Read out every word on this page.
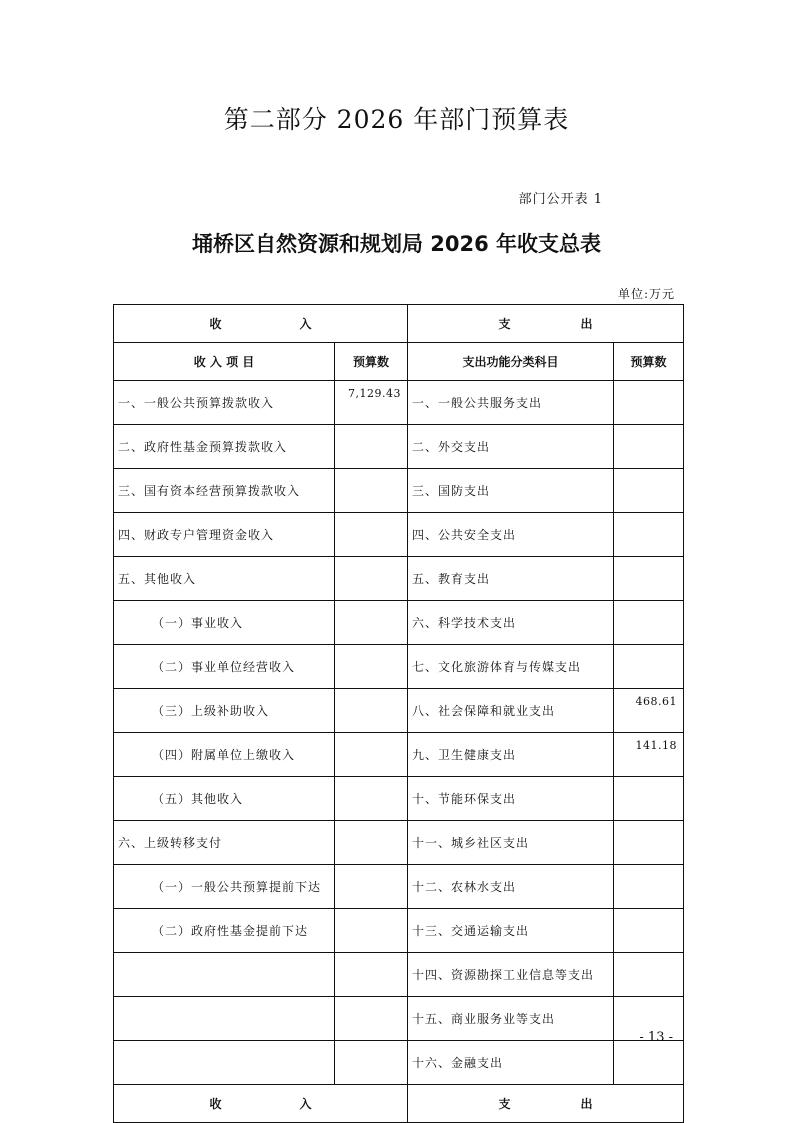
第二部分 2026 年部门预算表
部门公开表 1
埇桥区自然资源和规划局 2026 年收支总表
单位:万元
收 入		支 出	
收 入 项 目	预算数	支出功能分类科目	预算数
一、一般公共预算拨款收入	7,129.43	一、一般公共服务支出	
二、政府性基金预算拨款收入		二、外交支出	
三、国有资本经营预算拨款收入		三、国防支出	
四、财政专户管理资金收入		四、公共安全支出	
五、其他收入		五、教育支出	
（一）事业收入		六、科学技术支出	
（二）事业单位经营收入		七、文化旅游体育与传媒支出	
（三）上级补助收入		八、社会保障和就业支出	468.61
（四）附属单位上缴收入		九、卫生健康支出	141.18
（五）其他收入		十、节能环保支出	
六、上级转移支付		十一、城乡社区支出	
（一）一般公共预算提前下达		十二、农林水支出	
（二）政府性基金提前下达		十三、交通运输支出	
		十四、资源勘探工业信息等支出	
		十五、商业服务业等支出	
		十六、金融支出	
收 入		支 出	
- 13 -
